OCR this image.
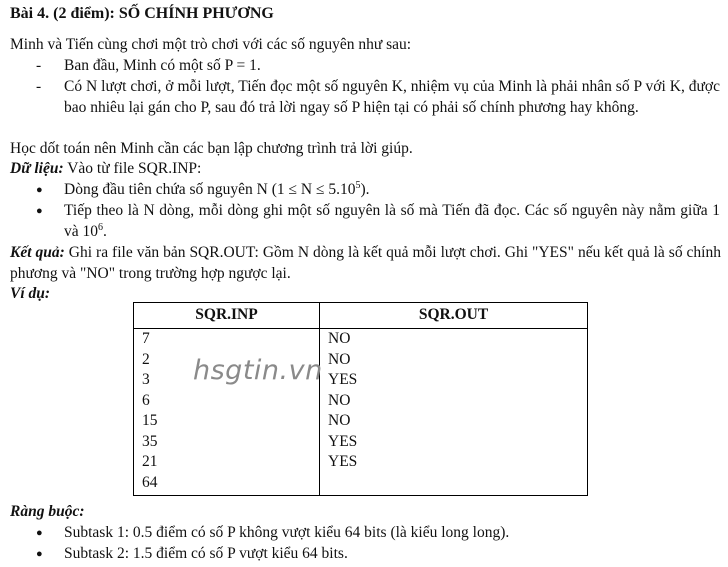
Bài 4. (2 điểm): SỐ CHÍNH PHƯƠNG
Minh và Tiến cùng chơi một trò chơi với các số nguyên như sau:
- Ban đầu, Minh có một số P = 1.
- Có N lượt chơi, ở mỗi lượt, Tiến đọc một số nguyên K, nhiệm vụ của Minh là phải nhân số P với K, được bao nhiêu lại gán cho P, sau đó trả lời ngay số P hiện tại có phải số chính phương hay không.
Học dốt toán nên Minh cần các bạn lập chương trình trả lời giúp.
Dữ liệu: Vào từ file SQR.INP:
● Dòng đầu tiên chứa số nguyên N $(1 \le N \le 5.10^5)$.
● Tiếp theo là N dòng, mỗi dòng ghi một số nguyên là số mà Tiến đã đọc. Các số nguyên này nằm giữa 1 và $10^6$.
Kết quả: Ghi ra file văn bản SQR.OUT: Gồm N dòng là kết quả mỗi lượt chơi. Ghi "YES" nếu kết quả là số chính phương và "NO" trong trường hợp ngược lại.
Ví dụ:
SQR.INP	SQR.OUT
7	NO
2	NO
3	YES
6	NO
15	NO
35	YES
21	YES
64	
hsgtin.vn
Ràng buộc:
● Subtask 1: 0.5 điểm có số P không vượt kiểu 64 bits (là kiểu long long).
● Subtask 2: 1.5 điểm có số P vượt kiểu 64 bits.
